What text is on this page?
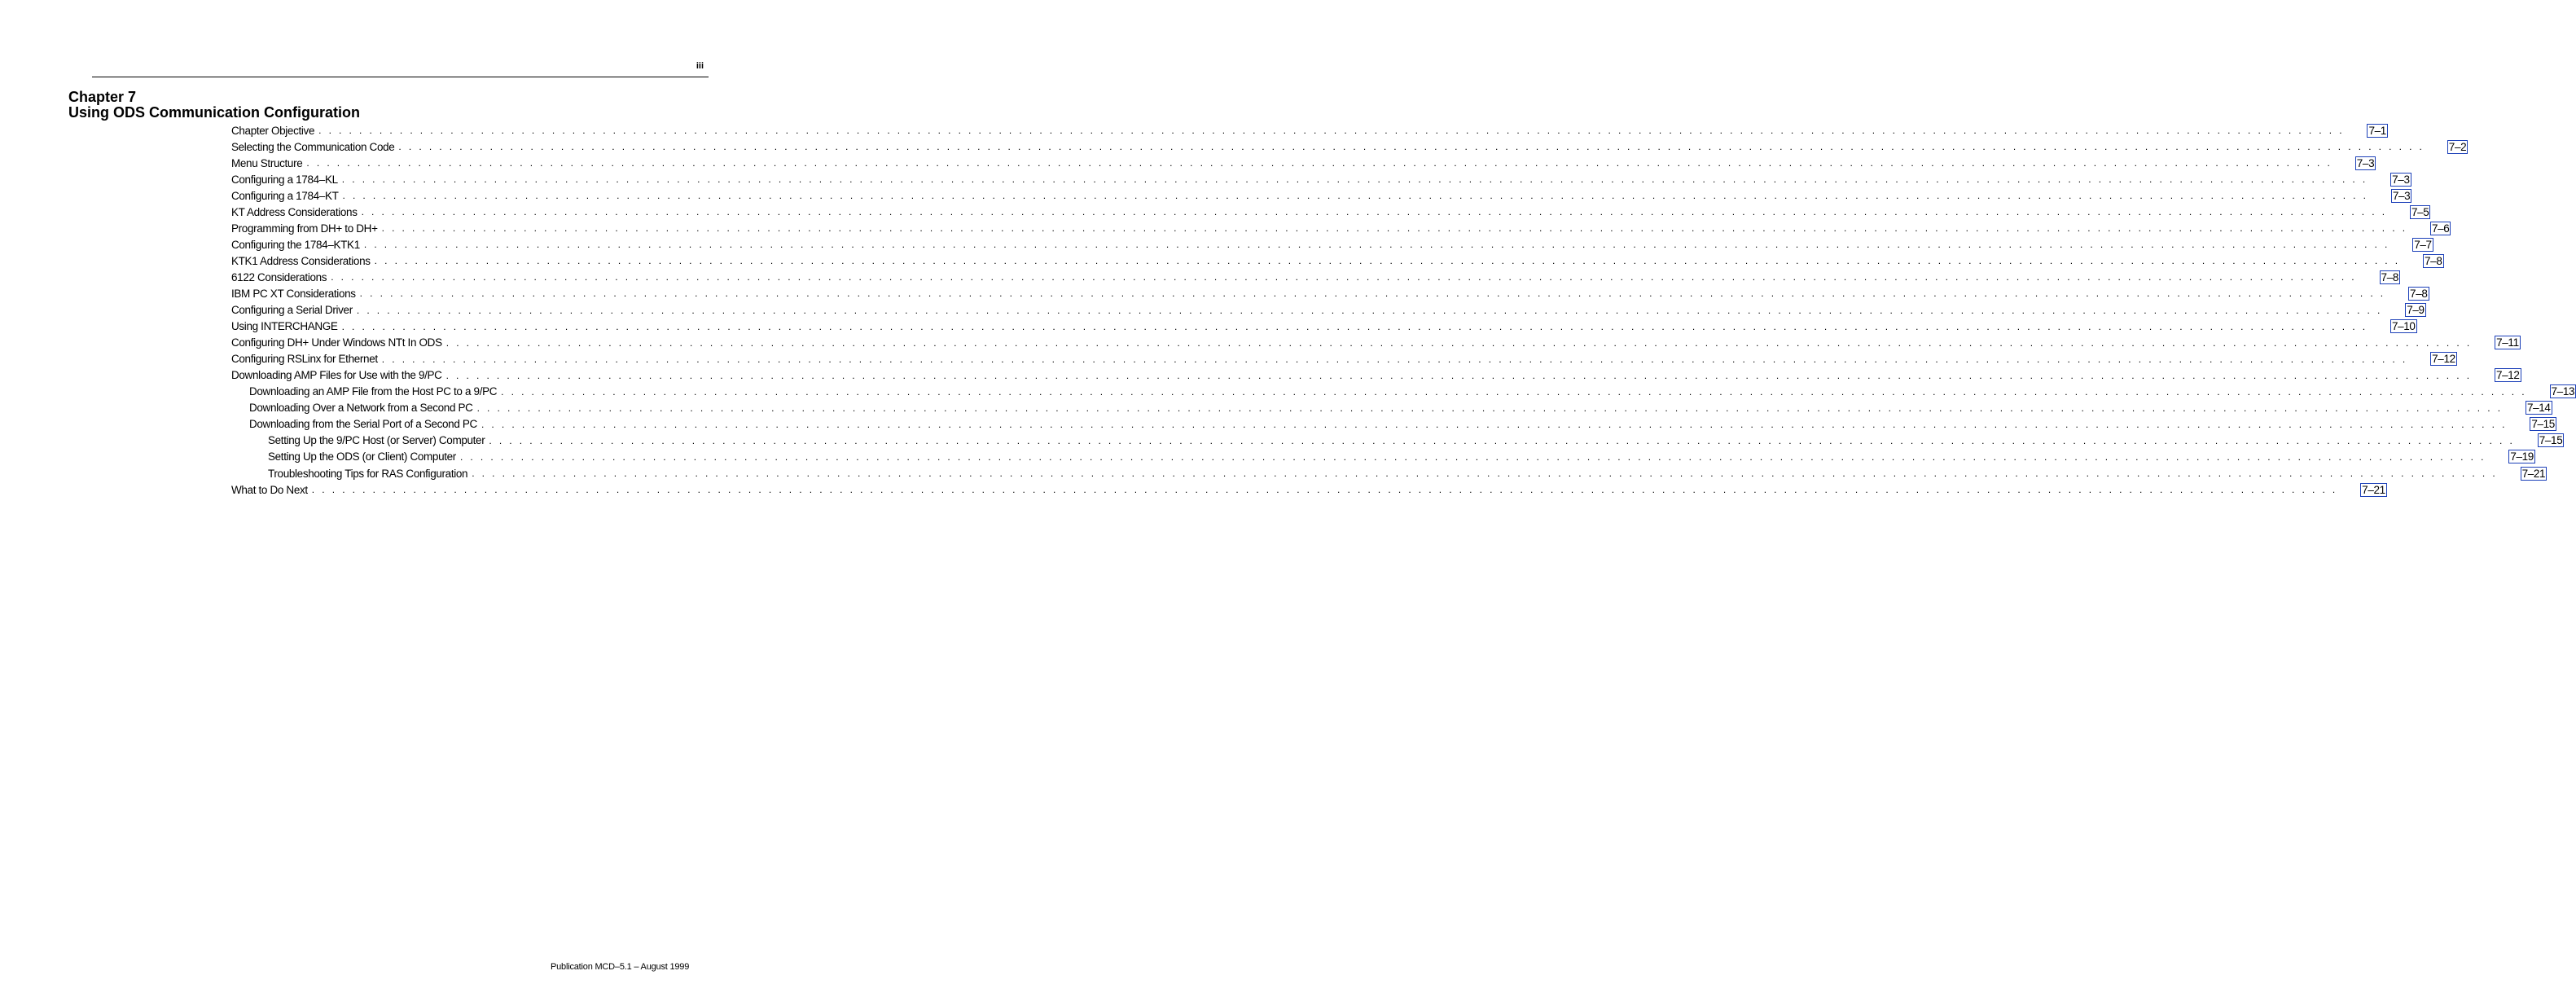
iii
Chapter 7
Using ODS Communication Configuration
Chapter Objective . . . . . . . . . . . . . . . . . . . . . . . . . . . . . . . . . . . . . . . . . . . . . . . . . . . . . . . . . . . . . . . . . . . . . . . . . . . . . . . . . . . . . . . . . . . . . . . . . . . . . . . . . . . . . . . . . . . . . . . . . . . . . . . . . . . . . . . . . . . . . . . . . . . . . . . . . . . . . . . . . . . . . . . . . . . . . . . . . . . . . . . . . . . . . . . . . . . . . . . . 7–1
Selecting the Communication Code . . . . . . . . . . . . . . . . . . . . . . . . . . . . . . . . . . . . . . . . . . . . . . . . . . . . . . . . . . . . . . . . . . . . . . . . . . . . . . . . . . . . . . . . . . . . . . . . . . . . . . . . . . . . . . . . . . . . . . . . . . . . . . . . . . . . . . . . . . . . . . . . . . . . . . . . . . . . . . . . . . . . . . . . . . . . . . . . . . . . . . . . . . . . . . . . . . . . . . . . 7–2
Menu Structure . . . . . . . . . . . . . . . . . . . . . . . . . . . . . . . . . . . . . . . . . . . . . . . . . . . . . . . . . . . . . . . . . . . . . . . . . . . . . . . . . . . . . . . . . . . . . . . . . . . . . . . . . . . . . . . . . . . . . . . . . . . . . . . . . . . . . . . . . . . . . . . . . . . . . . . . . . . . . . . . . . . . . . . . . . . . . . . . . . . . . . . . . . . . . . . . . . . . . . . . 7–3
Configuring a 1784–KL . . . . . . . . . . . . . . . . . . . . . . . . . . . . . . . . . . . . . . . . . . . . . . . . . . . . . . . . . . . . . . . . . . . . . . . . . . . . . . . . . . . . . . . . . . . . . . . . . . . . . . . . . . . . . . . . . . . . . . . . . . . . . . . . . . . . . . . . . . . . . . . . . . . . . . . . . . . . . . . . . . . . . . . . . . . . . . . . . . . . . . . . . . . . . . . . . . . . . . . . 7–3
Configuring a 1784–KT . . . . . . . . . . . . . . . . . . . . . . . . . . . . . . . . . . . . . . . . . . . . . . . . . . . . . . . . . . . . . . . . . . . . . . . . . . . . . . . . . . . . . . . . . . . . . . . . . . . . . . . . . . . . . . . . . . . . . . . . . . . . . . . . . . . . . . . . . . . . . . . . . . . . . . . . . . . . . . . . . . . . . . . . . . . . . . . . . . . . . . . . . . . . . . . . . . . . . . . . 7–3
KT Address Considerations . . . . . . . . . . . . . . . . . . . . . . . . . . . . . . . . . . . . . . . . . . . . . . . . . . . . . . . . . . . . . . . . . . . . . . . . . . . . . . . . . . . . . . . . . . . . . . . . . . . . . . . . . . . . . . . . . . . . . . . . . . . . . . . . . . . . . . . . . . . . . . . . . . . . . . . . . . . . . . . . . . . . . . . . . . . . . . . . . . . . . . . . . . . . . . . . . . . . . . . . 7–5
Programming from DH+ to DH+ . . . . . . . . . . . . . . . . . . . . . . . . . . . . . . . . . . . . . . . . . . . . . . . . . . . . . . . . . . . . . . . . . . . . . . . . . . . . . . . . . . . . . . . . . . . . . . . . . . . . . . . . . . . . . . . . . . . . . . . . . . . . . . . . . . . . . . . . . . . . . . . . . . . . . . . . . . . . . . . . . . . . . . . . . . . . . . . . . . . . . . . . . . . . . . . . . . . . . . . . 7–6
Configuring the 1784–KTK1 . . . . . . . . . . . . . . . . . . . . . . . . . . . . . . . . . . . . . . . . . . . . . . . . . . . . . . . . . . . . . . . . . . . . . . . . . . . . . . . . . . . . . . . . . . . . . . . . . . . . . . . . . . . . . . . . . . . . . . . . . . . . . . . . . . . . . . . . . . . . . . . . . . . . . . . . . . . . . . . . . . . . . . . . . . . . . . . . . . . . . . . . . . . . . . . . . . . . . . . . 7–7
KTK1 Address Considerations . . . . . . . . . . . . . . . . . . . . . . . . . . . . . . . . . . . . . . . . . . . . . . . . . . . . . . . . . . . . . . . . . . . . . . . . . . . . . . . . . . . . . . . . . . . . . . . . . . . . . . . . . . . . . . . . . . . . . . . . . . . . . . . . . . . . . . . . . . . . . . . . . . . . . . . . . . . . . . . . . . . . . . . . . . . . . . . . . . . . . . . . . . . . . . . . . . . . . . . . 7–8
6122 Considerations . . . . . . . . . . . . . . . . . . . . . . . . . . . . . . . . . . . . . . . . . . . . . . . . . . . . . . . . . . . . . . . . . . . . . . . . . . . . . . . . . . . . . . . . . . . . . . . . . . . . . . . . . . . . . . . . . . . . . . . . . . . . . . . . . . . . . . . . . . . . . . . . . . . . . . . . . . . . . . . . . . . . . . . . . . . . . . . . . . . . . . . . . . . . . . . . . . . . . . . . 7–8
IBM PC XT Considerations . . . . . . . . . . . . . . . . . . . . . . . . . . . . . . . . . . . . . . . . . . . . . . . . . . . . . . . . . . . . . . . . . . . . . . . . . . . . . . . . . . . . . . . . . . . . . . . . . . . . . . . . . . . . . . . . . . . . . . . . . . . . . . . . . . . . . . . . . . . . . . . . . . . . . . . . . . . . . . . . . . . . . . . . . . . . . . . . . . . . . . . . . . . . . . . . . . . . . . . . 7–8
Configuring a Serial Driver . . . . . . . . . . . . . . . . . . . . . . . . . . . . . . . . . . . . . . . . . . . . . . . . . . . . . . . . . . . . . . . . . . . . . . . . . . . . . . . . . . . . . . . . . . . . . . . . . . . . . . . . . . . . . . . . . . . . . . . . . . . . . . . . . . . . . . . . . . . . . . . . . . . . . . . . . . . . . . . . . . . . . . . . . . . . . . . . . . . . . . . . . . . . . . . . . . . . . . . . 7–9
Using INTERCHANGE . . . . . . . . . . . . . . . . . . . . . . . . . . . . . . . . . . . . . . . . . . . . . . . . . . . . . . . . . . . . . . . . . . . . . . . . . . . . . . . . . . . . . . . . . . . . . . . . . . . . . . . . . . . . . . . . . . . . . . . . . . . . . . . . . . . . . . . . . . . . . . . . . . . . . . . . . . . . . . . . . . . . . . . . . . . . . . . . . . . . . . . . . . . . . . . . . . . . . . . . 7–10
Configuring DH+ Under Windows NTt In ODS . . . . . . . . . . . . . . . . . . . . . . . . . . . . . . . . . . . . . . . . . . . . . . . . . . . . . . . . . . . . . . . . . . . . . . . . . . . . . . . . . . . . . . . . . . . . . . . . . . . . . . . . . . . . . . . . . . . . . . . . . . . . . . . . . . . . . . . . . . . . . . . . . . . . . . . . . . . . . . . . . . . . . . . . . . . . . . . . . . . . . . . . . . . . . . . . . . . . . . . . 7–11
Configuring RSLinx for Ethernet . . . . . . . . . . . . . . . . . . . . . . . . . . . . . . . . . . . . . . . . . . . . . . . . . . . . . . . . . . . . . . . . . . . . . . . . . . . . . . . . . . . . . . . . . . . . . . . . . . . . . . . . . . . . . . . . . . . . . . . . . . . . . . . . . . . . . . . . . . . . . . . . . . . . . . . . . . . . . . . . . . . . . . . . . . . . . . . . . . . . . . . . . . . . . . . . . . . . . . . . 7–12
Downloading AMP Files for Use with the 9/PC . . . . . . . . . . . . . . . . . . . . . . . . . . . . . . . . . . . . . . . . . . . . . . . . . . . . . . . . . . . . . . . . . . . . . . . . . . . . . . . . . . . . . . . . . . . . . . . . . . . . . . . . . . . . . . . . . . . . . . . . . . . . . . . . . . . . . . . . . . . . . . . . . . . . . . . . . . . . . . . . . . . . . . . . . . . . . . . . . . . . . . . . . . . . . . . . . . . . . . . . 7–12
Downloading an AMP File from the Host PC to a 9/PC . . . . . . . . . . . . . . . . . . . . . . . . . . . . . . . . . . . . . . . . . . . . . . . . . . . . . . . . . . . . . . . . . . . . . . . . . . . . . . . . . . . . . . . . . . . . . . . . . . . . . . . . . . . . . . . . . . . . . . . . . . . . . . . . . . . . . . . . . . . . . . . . . . . . . . . . . . . . . . . . . . . . . . . . . . . . . . . . . . . . . . . . . . . . . . . . . . . . . . . . 7–13
Downloading Over a Network from a Second PC . . . . . . . . . . . . . . . . . . . . . . . . . . . . . . . . . . . . . . . . . . . . . . . . . . . . . . . . . . . . . . . . . . . . . . . . . . . . . . . . . . . . . . . . . . . . . . . . . . . . . . . . . . . . . . . . . . . . . . . . . . . . . . . . . . . . . . . . . . . . . . . . . . . . . . . . . . . . . . . . . . . . . . . . . . . . . . . . . . . . . . . . . . . . . . . . . . . . . . . . 7–14
Downloading from the Serial Port of a Second PC . . . . . . . . . . . . . . . . . . . . . . . . . . . . . . . . . . . . . . . . . . . . . . . . . . . . . . . . . . . . . . . . . . . . . . . . . . . . . . . . . . . . . . . . . . . . . . . . . . . . . . . . . . . . . . . . . . . . . . . . . . . . . . . . . . . . . . . . . . . . . . . . . . . . . . . . . . . . . . . . . . . . . . . . . . . . . . . . . . . . . . . . . . . . . . . . . . . . . . . . 7–15
Setting Up the 9/PC Host (or Server) Computer . . . . . . . . . . . . . . . . . . . . . . . . . . . . . . . . . . . . . . . . . . . . . . . . . . . . . . . . . . . . . . . . . . . . . . . . . . . . . . . . . . . . . . . . . . . . . . . . . . . . . . . . . . . . . . . . . . . . . . . . . . . . . . . . . . . . . . . . . . . . . . . . . . . . . . . . . . . . . . . . . . . . . . . . . . . . . . . . . . . . . . . . . . . . . . . . . . . . . . . . 7–15
Setting Up the ODS (or Client) Computer . . . . . . . . . . . . . . . . . . . . . . . . . . . . . . . . . . . . . . . . . . . . . . . . . . . . . . . . . . . . . . . . . . . . . . . . . . . . . . . . . . . . . . . . . . . . . . . . . . . . . . . . . . . . . . . . . . . . . . . . . . . . . . . . . . . . . . . . . . . . . . . . . . . . . . . . . . . . . . . . . . . . . . . . . . . . . . . . . . . . . . . . . . . . . . . . . . . . . . . . 7–19
Troubleshooting Tips for RAS Configuration . . . . . . . . . . . . . . . . . . . . . . . . . . . . . . . . . . . . . . . . . . . . . . . . . . . . . . . . . . . . . . . . . . . . . . . . . . . . . . . . . . . . . . . . . . . . . . . . . . . . . . . . . . . . . . . . . . . . . . . . . . . . . . . . . . . . . . . . . . . . . . . . . . . . . . . . . . . . . . . . . . . . . . . . . . . . . . . . . . . . . . . . . . . . . . . . . . . . . . . . 7–21
What to Do Next . . . . . . . . . . . . . . . . . . . . . . . . . . . . . . . . . . . . . . . . . . . . . . . . . . . . . . . . . . . . . . . . . . . . . . . . . . . . . . . . . . . . . . . . . . . . . . . . . . . . . . . . . . . . . . . . . . . . . . . . . . . . . . . . . . . . . . . . . . . . . . . . . . . . . . . . . . . . . . . . . . . . . . . . . . . . . . . . . . . . . . . . . . . . . . . . . . . . . . . . 7–21
Publication MCD–5.1 – August 1999
